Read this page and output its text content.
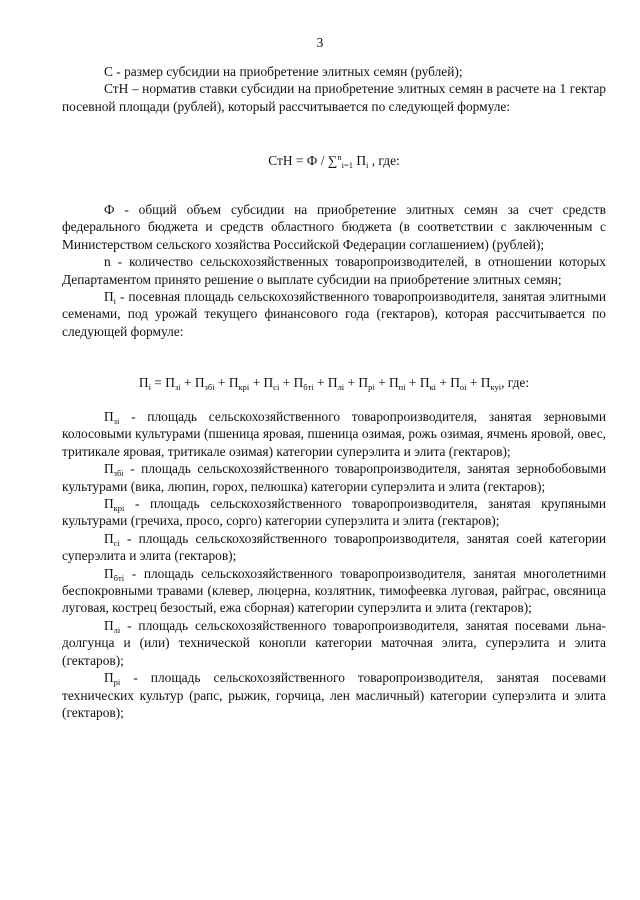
3

С - размер субсидии на приобретение элитных семян (рублей);

СтН – норматив ставки субсидии на приобретение элитных семян в расчете на 1 гектар посевной площади (рублей), который рассчитывается по следующей формуле:

СтН = Ф / ∑$^n_{i=1}$ $П_i$ , где:

Ф - общий объем субсидии на приобретение элитных семян за счет средств федерального бюджета и средств областного бюджета (в соответствии с заключенным с Министерством сельского хозяйства Российской Федерации соглашением) (рублей);

n - количество сельскохозяйственных товаропроизводителей, в отношении которых Департаментом принято решение о выплате субсидии на приобретение элитных семян;

$П_i$ - посевная площадь сельскохозяйственного товаропроизводителя, занятая элитными семенами, под урожай текущего финансового года (гектаров), которая рассчитывается по следующей формуле:

$П_i = П_{зi} + П_{збi} + П_{крi} + П_{сi} + П_{бтi} + П_{лi} + П_{рi} + П_{пi} + П_{кi} + П_{оi} + П_{куi}$, где:

$П_{зi}$ - площадь сельскохозяйственного товаропроизводителя, занятая зерновыми колосовыми культурами (пшеница яровая, пшеница озимая, рожь озимая, ячмень яровой, овес, тритикале яровая, тритикале озимая) категории суперэлита и элита (гектаров);

$П_{збi}$ - площадь сельскохозяйственного товаропроизводителя, занятая зернобобовыми культурами (вика, люпин, горох, пелюшка) категории суперэлита и элита (гектаров);

$П_{крi}$ - площадь сельскохозяйственного товаропроизводителя, занятая крупяными культурами (гречиха, просо, сорго) категории суперэлита и элита (гектаров);

$П_{сi}$ - площадь сельскохозяйственного товаропроизводителя, занятая соей категории суперэлита и элита (гектаров);

$П_{бтi}$ - площадь сельскохозяйственного товаропроизводителя, занятая многолетними беспокровными травами (клевер, люцерна, козлятник, тимофеевка луговая, райграс, овсяница луговая, кострец безостый, ежа сборная) категории суперэлита и элита (гектаров);

$П_{лi}$ - площадь сельскохозяйственного товаропроизводителя, занятая посевами льна-долгунца и (или) технической конопли категории маточная элита, суперэлита и элита (гектаров);

$П_{рi}$ - площадь сельскохозяйственного товаропроизводителя, занятая посевами технических культур (рапс, рыжик, горчица, лен масличный) категории суперэлита и элита (гектаров);
